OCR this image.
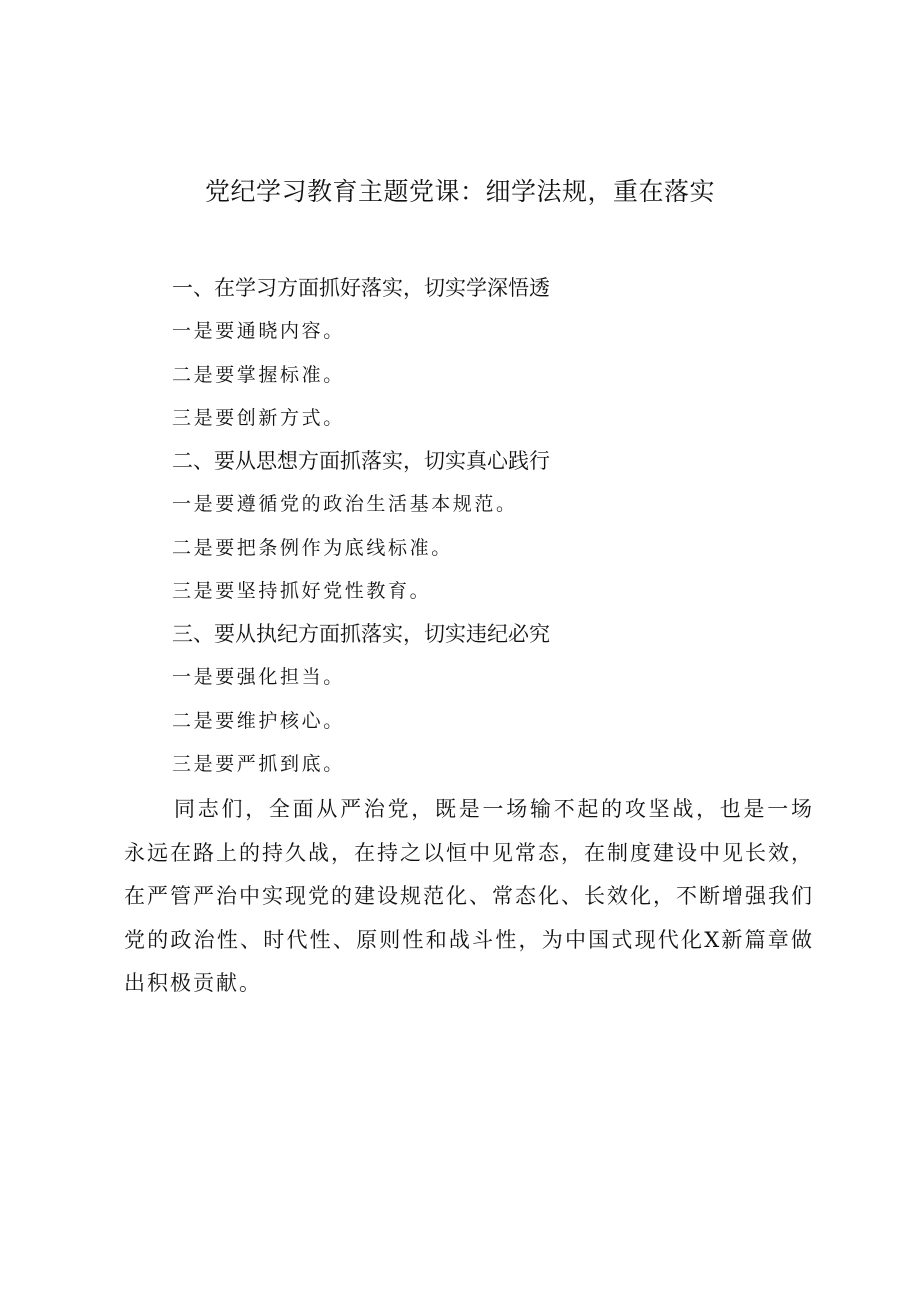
党纪学习教育主题党课：细学法规，重在落实
一、在学习方面抓好落实，切实学深悟透

一是要通晓内容。

二是要掌握标准。

三是要创新方式。

二、要从思想方面抓落实，切实真心践行

一是要遵循党的政治生活基本规范。

二是要把条例作为底线标准。

三是要坚持抓好党性教育。

三、要从执纪方面抓落实，切实违纪必究

一是要强化担当。

二是要维护核心。

三是要严抓到底。

同志们，全面从严治党，既是一场输不起的攻坚战，也是一场永远在路上的持久战，在持之以恒中见常态，在制度建设中见长效，在严管严治中实现党的建设规范化、常态化、长效化，不断增强我们党的政治性、时代性、原则性和战斗性，为中国式现代化X新篇章做出积极贡献。
